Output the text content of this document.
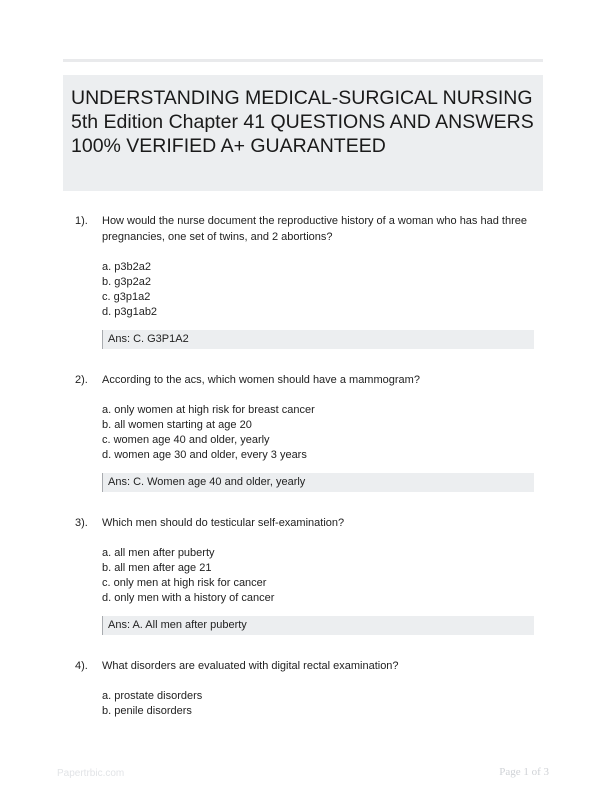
UNDERSTANDING MEDICAL-SURGICAL NURSING 5th Edition Chapter 41 QUESTIONS AND ANSWERS 100% VERIFIED A+ GUARANTEED
1). How would the nurse document the reproductive history of a woman who has had three pregnancies, one set of twins, and 2 abortions?
a. p3b2a2
b. g3p2a2
c. g3p1a2
d. p3g1ab2
Ans: C. G3P1A2
2). According to the acs, which women should have a mammogram?
a. only women at high risk for breast cancer
b. all women starting at age 20
c. women age 40 and older, yearly
d. women age 30 and older, every 3 years
Ans: C. Women age 40 and older, yearly
3). Which men should do testicular self-examination?
a. all men after puberty
b. all men after age 21
c. only men at high risk for cancer
d. only men with a history of cancer
Ans: A. All men after puberty
4). What disorders are evaluated with digital rectal examination?
a. prostate disorders
b. penile disorders
Papertrbic.com	Page 1 of 3
